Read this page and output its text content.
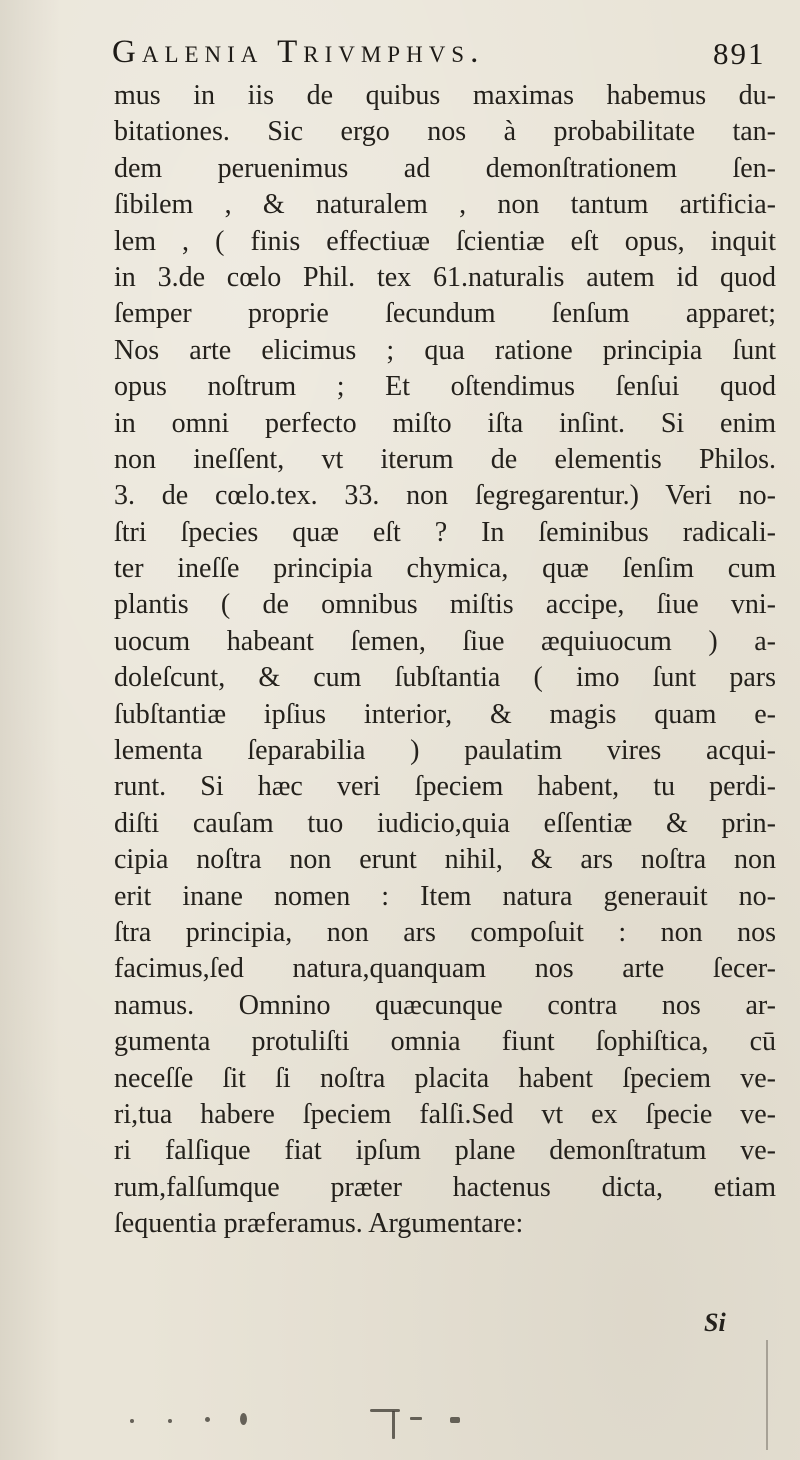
Galenia Trivmphvs.	891
mus in iis de quibus maximas habemus du-
bitationes. Sic ergo nos à probabilitate tan-
dem peruenimus ad demonſtrationem ſen-
ſibilem , & naturalem , non tantum artificia-
lem , ( finis effectiuæ ſcientiæ eſt opus, inquit
in 3.de cœlo Phil. tex 61.naturalis autem id quod
ſemper proprie ſecundum ſenſum apparet;
Nos arte elicimus ; qua ratione principia ſunt
opus noſtrum ; Et oſtendimus ſenſui quod
in omni perfecto miſto iſta inſint. Si enim
non ineſſent, vt iterum de elementis Philos.
3. de cœlo.tex. 33. non ſegregarentur.) Veri no-
ſtri ſpecies quæ eſt ? In ſeminibus radicali-
ter ineſſe principia chymica, quæ ſenſim cum
plantis ( de omnibus miſtis accipe, ſiue vni-
uocum habeant ſemen, ſiue æquiuocum ) a-
doleſcunt, & cum ſubſtantia ( imo ſunt pars
ſubſtantiæ ipſius interior, & magis quam e-
lementa ſeparabilia ) paulatim vires acqui-
runt. Si hæc veri ſpeciem habent, tu perdi-
diſti cauſam tuo iudicio,quia eſſentiæ & prin-
cipia noſtra non erunt nihil, & ars noſtra non
erit inane nomen : Item natura generauit no-
ſtra principia, non ars compoſuit : non nos
facimus,ſed natura,quanquam nos arte ſecer-
namus. Omnino quæcunque contra nos ar-
gumenta protuliſti omnia fiunt ſophiſtica, cū
neceſſe ſit ſi noſtra placita habent ſpeciem ve-
ri,tua habere ſpeciem falſi.Sed vt ex ſpecie ve-
ri falſique fiat ipſum plane demonſtratum ve-
rum,falſumque præter hactenus dicta, etiam
ſequentia præferamus. Argumentare:
Si
